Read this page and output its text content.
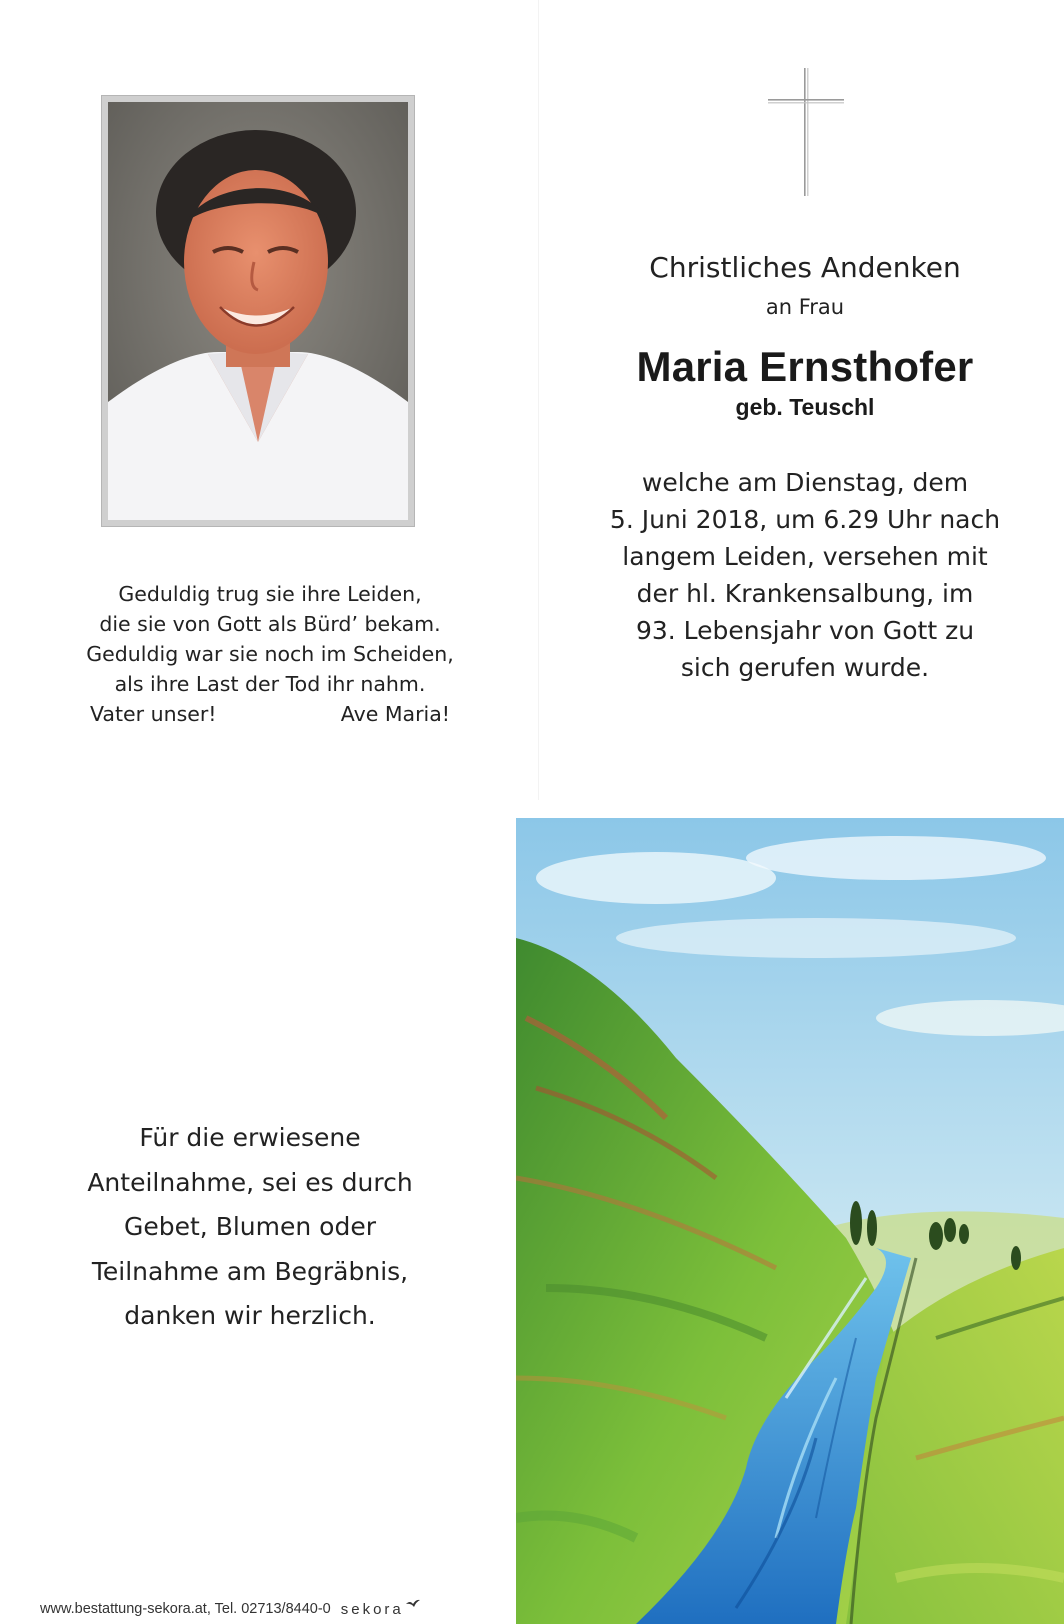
Geduldig trug sie ihre Leiden,
die sie von Gott als Bürd’ bekam.
Geduldig war sie noch im Scheiden,
als ihre Last der Tod ihr nahm.
Vater unser!	Ave Maria!
Christliches Andenken
an Frau
Maria Ernsthofer
geb. Teuschl
welche am Dienstag, dem
5. Juni 2018, um 6.29 Uhr nach
langem Leiden, versehen mit
der hl. Krankensalbung, im
93. Lebensjahr von Gott zu
sich gerufen wurde.
Für die erwiesene
Anteilnahme, sei es durch
Gebet, Blumen oder
Teilnahme am Begräbnis,
danken wir herzlich.
www.bestattung-sekora.at, Tel. 02713/8440-0 sekora
